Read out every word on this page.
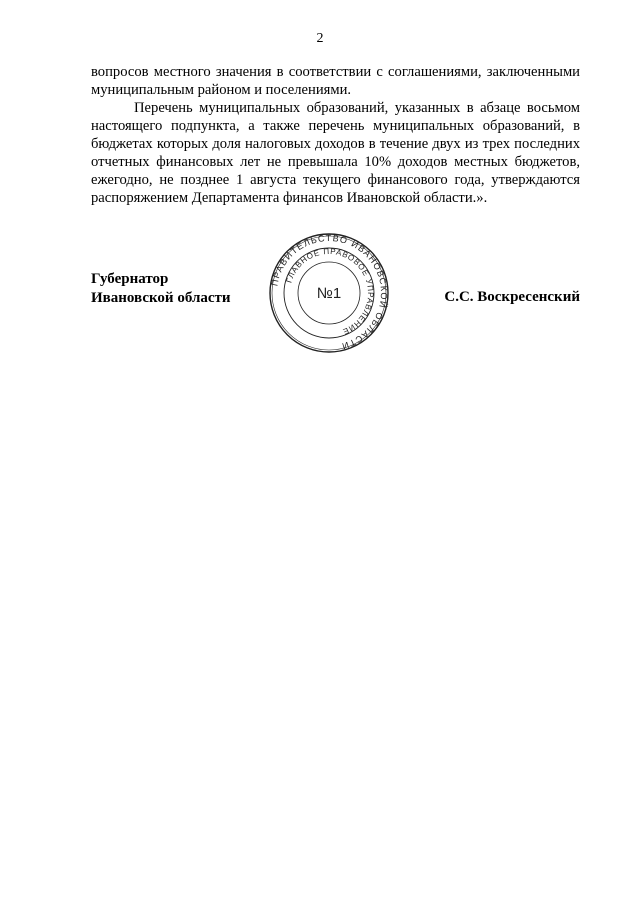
2

вопросов местного значения в соответствии с соглашениями, заключенными муниципальным районом и поселениями.

Перечень муниципальных образований, указанных в абзаце восьмом настоящего подпункта, а также перечень муниципальных образований, в бюджетах которых доля налоговых доходов в течение двух из трех последних отчетных финансовых лет не превышала 10% доходов местных бюджетов, ежегодно, не позднее 1 августа текущего финансового года, утверждаются распоряжением Департамента финансов Ивановской области.».

Губернатор
Ивановской области	С.С. Воскресенский
ПРАВИТЕЛЬСТВО ИВАНОВСКОЙ ОБЛАСТИ
ГЛАВНОЕ ПРАВОВОЕ УПРАВЛЕНИЕ
№1
